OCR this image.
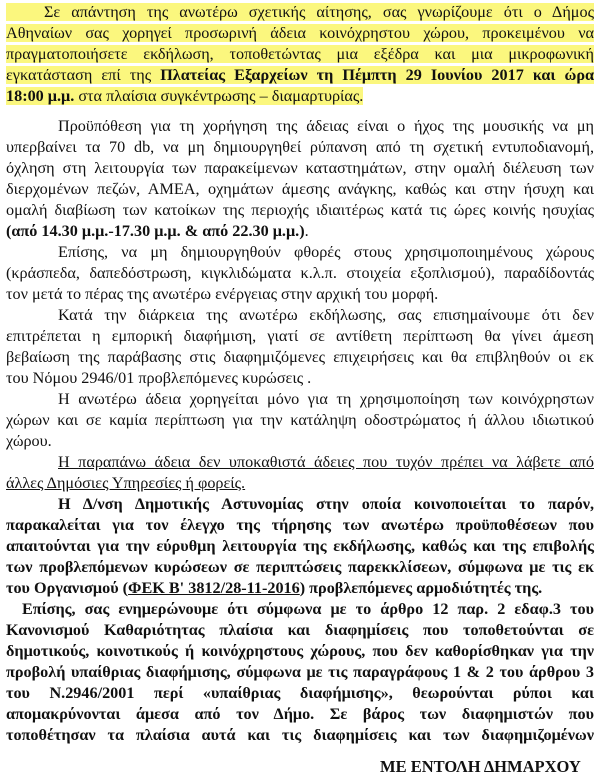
Σε απάντηση της ανωτέρω σχετικής αίτησης, σας γνωρίζουμε ότι ο Δήμος
Αθηναίων σας χορηγεί προσωρινή άδεια κοινόχρηστου χώρου, προκειμένου να
πραγματοποιήσετε εκδήλωση, τοποθετώντας μια εξέδρα και μια μικροφωνική
εγκατάσταση επί της Πλατείας Εξαρχείων τη Πέμπτη 29 Ιουνίου 2017 και ώρα
18:00 μ.μ. στα πλαίσια συγκέντρωσης – διαμαρτυρίας.
Προϋπόθεση για τη χορήγηση της άδειας είναι ο ήχος της μουσικής να μη
υπερβαίνει τα 70 db, να μη δημιουργηθεί ρύπανση από τη σχετική εντυποδιανομή,
όχληση στη λειτουργία των παρακείμενων καταστημάτων, στην ομαλή διέλευση των
διερχομένων πεζών, ΑΜΕΑ, οχημάτων άμεσης ανάγκης, καθώς και στην ήσυχη και
ομαλή διαβίωση των κατοίκων της περιοχής ιδιαιτέρως κατά τις ώρες κοινής ησυχίας
(από 14.30 μ.μ.-17.30 μ.μ. & από 22.30 μ.μ.).
Επίσης, να μη δημιουργηθούν φθορές στους χρησιμοποιημένους χώρους
(κράσπεδα, δαπεδόστρωση, κιγκλιδώματα κ.λ.π. στοιχεία εξοπλισμού), παραδίδοντάς
τον μετά το πέρας της ανωτέρω ενέργειας στην αρχική του μορφή.
Κατά την διάρκεια της ανωτέρω εκδήλωσης, σας επισημαίνουμε ότι δεν
επιτρέπεται η εμπορική διαφήμιση, γιατί σε αντίθετη περίπτωση θα γίνει άμεση
βεβαίωση της παράβασης στις διαφημιζόμενες επιχειρήσεις και θα επιβληθούν οι εκ
του Νόμου 2946/01 προβλεπόμενες κυρώσεις .
Η ανωτέρω άδεια χορηγείται μόνο για τη χρησιμοποίηση των κοινόχρηστων
χώρων και σε καμία περίπτωση για την κατάληψη οδοστρώματος ή άλλου ιδιωτικού
χώρου.
Η παραπάνω άδεια δεν υποκαθιστά άδειες που τυχόν πρέπει να λάβετε από
άλλες Δημόσιες Υπηρεσίες ή φορείς.
Η Δ/νση Δημοτικής Αστυνομίας στην οποία κοινοποιείται το παρόν,
παρακαλείται για τον έλεγχο της τήρησης των ανωτέρω προϋποθέσεων που
απαιτούνται για την εύρυθμη λειτουργία της εκδήλωσης, καθώς και της επιβολής
των προβλεπόμενων κυρώσεων σε περιπτώσεις παρεκκλίσεων, σύμφωνα με τις εκ
του Οργανισμού (ΦΕΚ Β' 3812/28-11-2016) προβλεπόμενες αρμοδιότητές της.
Επίσης, σας ενημερώνουμε ότι σύμφωνα με το άρθρο 12 παρ. 2 εδαφ.3 του
Κανονισμού Καθαριότητας πλαίσια και διαφημίσεις που τοποθετούνται σε
δημοτικούς, κοινοτικούς ή κοινόχρηστους χώρους, που δεν καθορίσθηκαν για την
προβολή υπαίθριας διαφήμισης, σύμφωνα με τις παραγράφους 1 & 2 του άρθρου 3
του N.2946/2001 περί «υπαίθριας διαφήμισης», θεωρούνται ρύποι και
απομακρύνονται άμεσα από τον Δήμο. Σε βάρος των διαφημιστών που
τοποθέτησαν τα πλαίσια αυτά και τις διαφημίσεις και των διαφημιζομένων
ΜΕ ΕΝΤΟΛΗ ΔΗΜΑΡΧΟΥ
